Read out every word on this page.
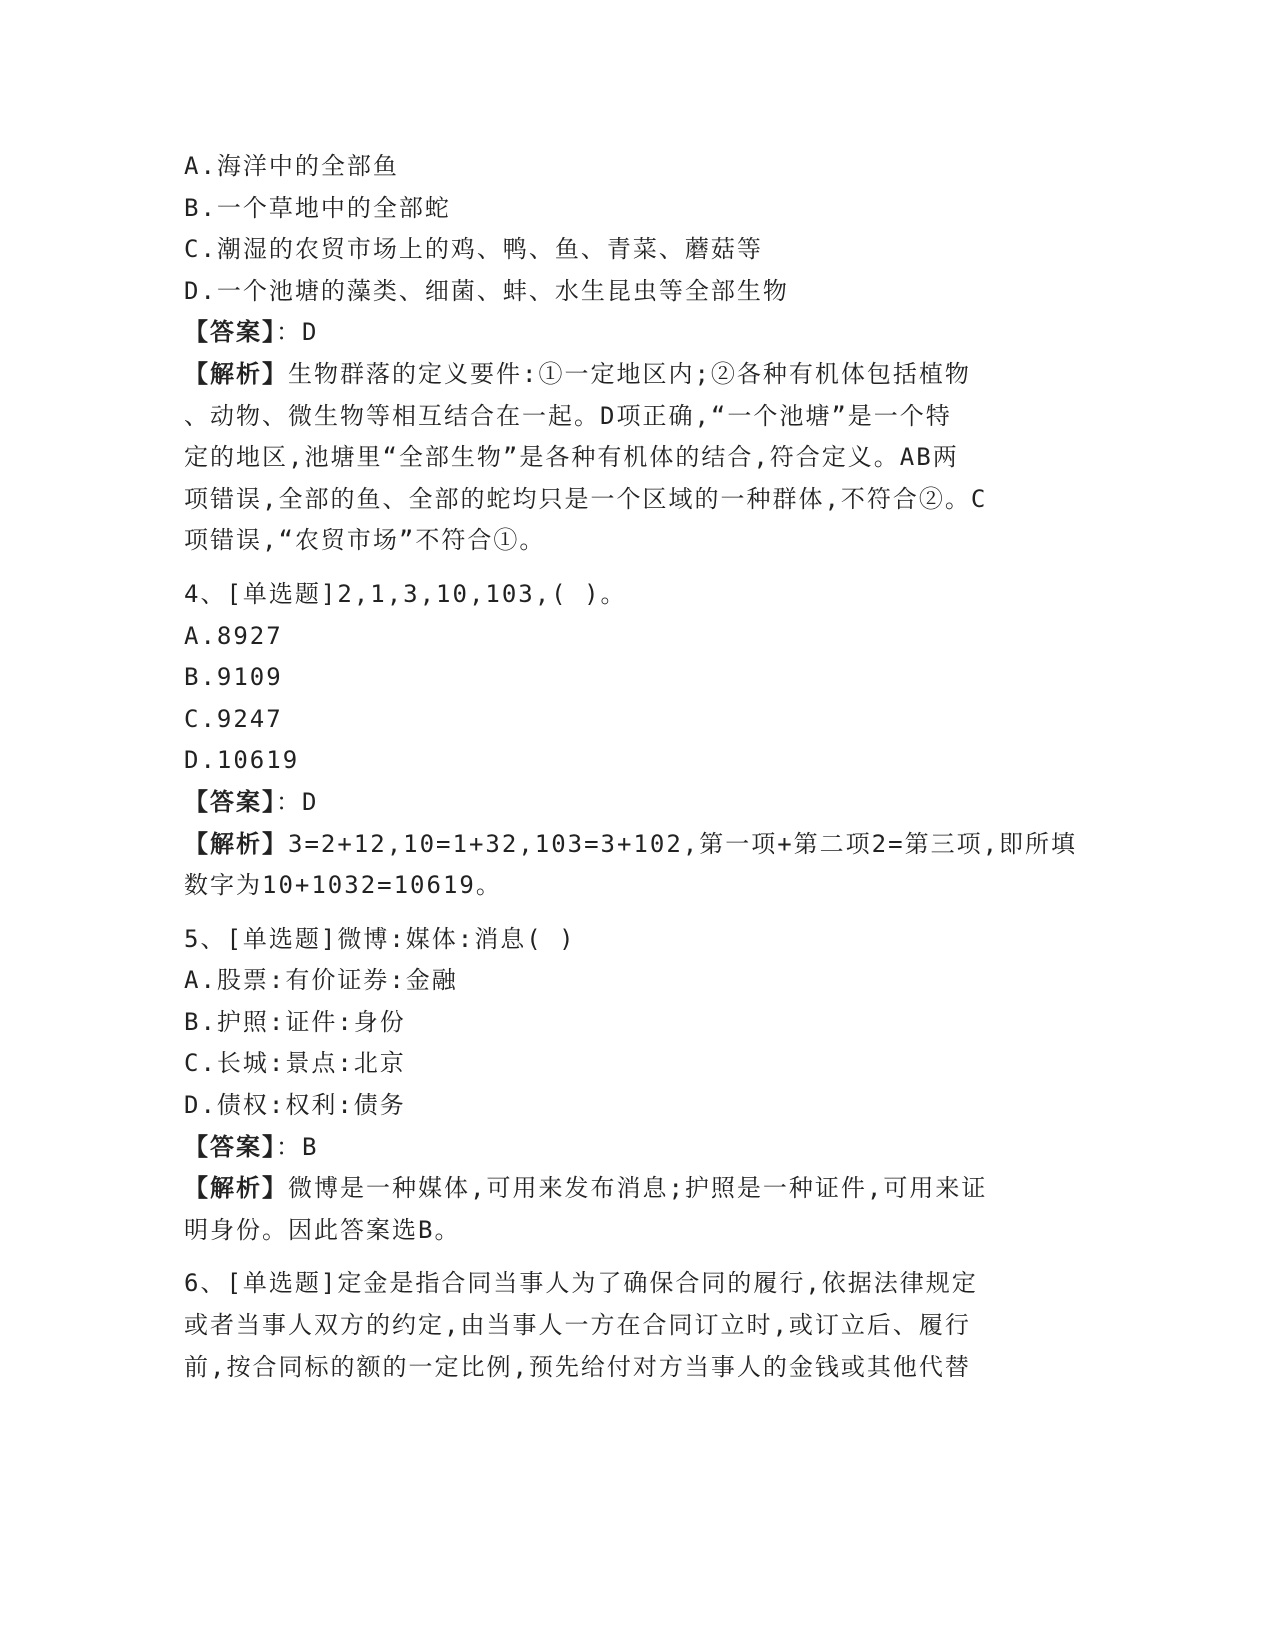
A.海洋中的全部鱼
B.一个草地中的全部蛇
C.潮湿的农贸市场上的鸡、鸭、鱼、青菜、蘑菇等
D.一个池塘的藻类、细菌、蚌、水生昆虫等全部生物
【答案】：D
【解析】生物群落的定义要件:①一定地区内;②各种有机体包括植物
、动物、微生物等相互结合在一起。D项正确,“一个池塘”是一个特
定的地区,池塘里“全部生物”是各种有机体的结合,符合定义。AB两
项错误,全部的鱼、全部的蛇均只是一个区域的一种群体,不符合②。C
项错误,“农贸市场”不符合①。
4、[单选题]2,1,3,10,103,( )。
A.8927
B.9109
C.9247
D.10619
【答案】：D
【解析】3=2+12,10=1+32,103=3+102,第一项+第二项2=第三项,即所填
数字为10+1032=10619。
5、[单选题]微博:媒体:消息( )
A.股票:有价证券:金融
B.护照:证件:身份
C.长城:景点:北京
D.债权:权利:债务
【答案】：B
【解析】微博是一种媒体,可用来发布消息;护照是一种证件,可用来证
明身份。因此答案选B。
6、[单选题]定金是指合同当事人为了确保合同的履行,依据法律规定
或者当事人双方的约定,由当事人一方在合同订立时,或订立后、履行
前,按合同标的额的一定比例,预先给付对方当事人的金钱或其他代替
